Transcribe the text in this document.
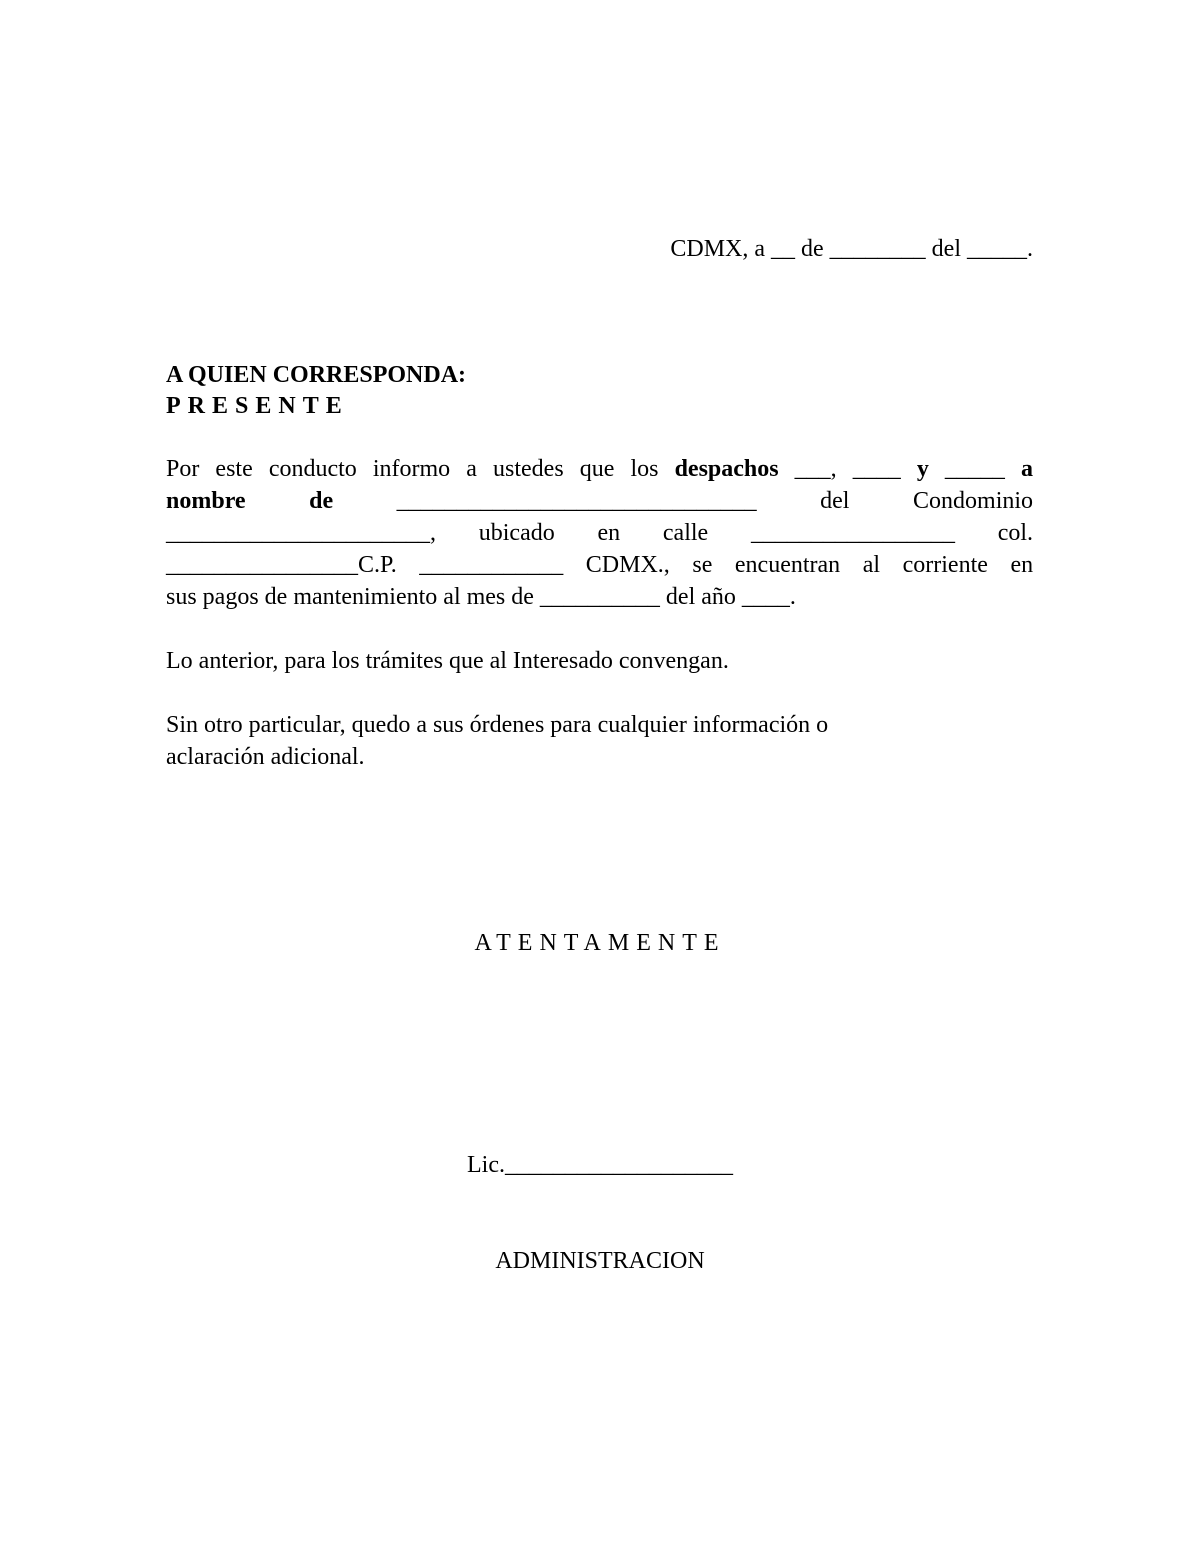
CDMX, a __ de ________ del _____.
A QUIEN CORRESPONDA:
PRESENTE
Por este conducto informo a ustedes que los despachos ___, ____ y _____ a
nombre	de	______________________________	del	Condominio
______________________, ubicado en calle _________________ col.
________________C.P. ____________ CDMX., se encuentran al corriente en
sus pagos de mantenimiento al mes de __________ del año ____.

Lo anterior, para los trámites que al Interesado convengan.

Sin otro particular, quedo a sus órdenes para cualquier información o
aclaración adicional.
ATENTAMENTE

Lic.___________________

ADMINISTRACION
